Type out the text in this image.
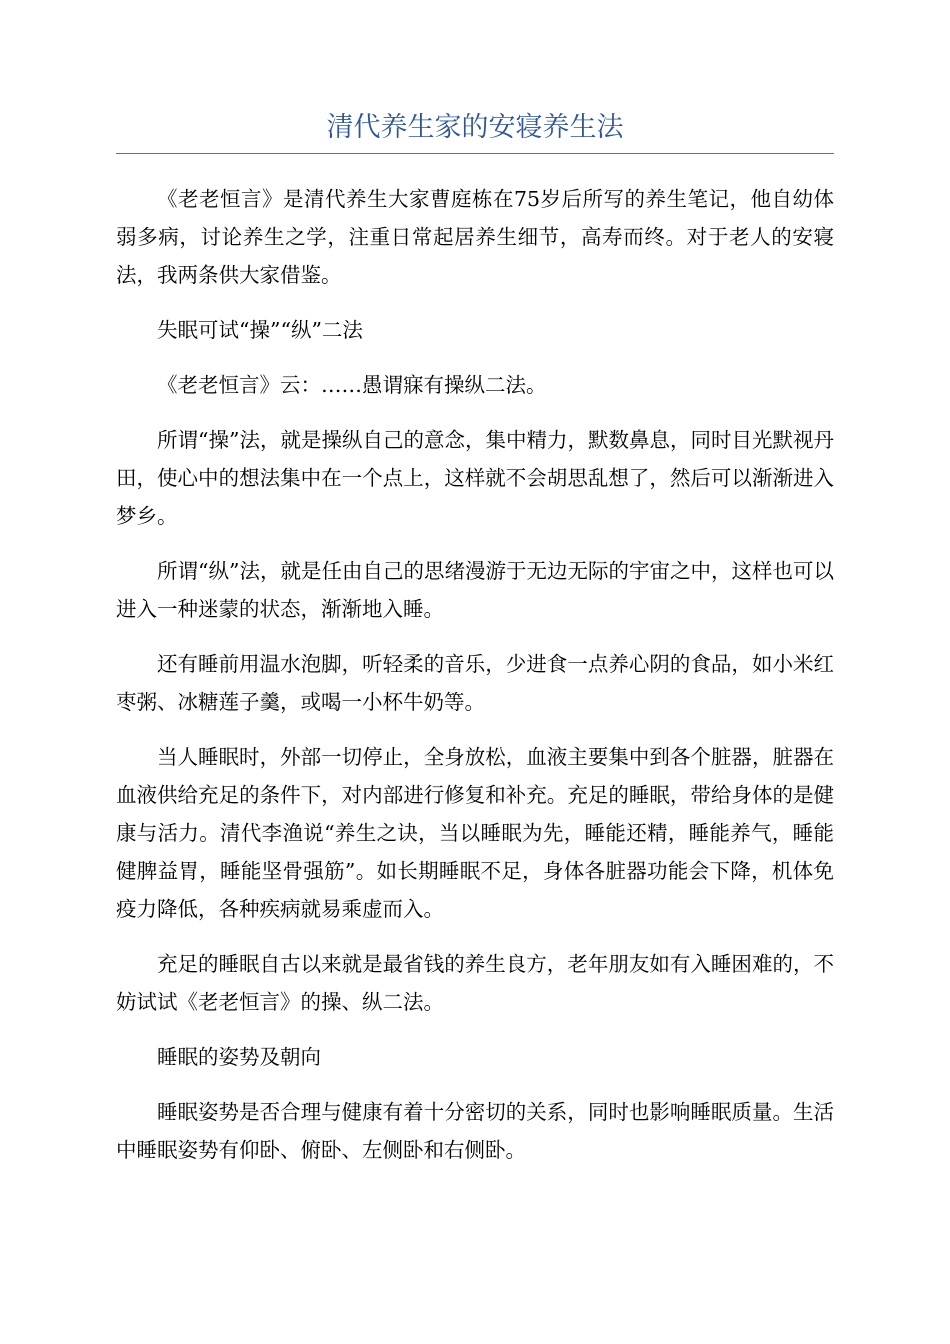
清代养生家的安寝养生法

《老老恒言》是清代养生大家曹庭栋在75岁后所写的养生笔记，他自幼体弱多病，讨论养生之学，注重日常起居养生细节，高寿而终。对于老人的安寝法，我两条供大家借鉴。

失眠可试“操”“纵”二法

《老老恒言》云：……愚谓寐有操纵二法。

所谓“操”法，就是操纵自己的意念，集中精力，默数鼻息，同时目光默视丹田，使心中的想法集中在一个点上，这样就不会胡思乱想了，然后可以渐渐进入梦乡。

所谓“纵”法，就是任由自己的思绪漫游于无边无际的宇宙之中，这样也可以进入一种迷蒙的状态，渐渐地入睡。

还有睡前用温水泡脚，听轻柔的音乐，少进食一点养心阴的食品，如小米红枣粥、冰糖莲子羹，或喝一小杯牛奶等。

当人睡眠时，外部一切停止，全身放松，血液主要集中到各个脏器，脏器在血液供给充足的条件下，对内部进行修复和补充。充足的睡眠，带给身体的是健康与活力。清代李渔说“养生之诀，当以睡眠为先，睡能还精，睡能养气，睡能健脾益胃，睡能坚骨强筋”。如长期睡眠不足，身体各脏器功能会下降，机体免疫力降低，各种疾病就易乘虚而入。

充足的睡眠自古以来就是最省钱的养生良方，老年朋友如有入睡困难的，不妨试试《老老恒言》的操、纵二法。

睡眠的姿势及朝向

睡眠姿势是否合理与健康有着十分密切的关系，同时也影响睡眠质量。生活中睡眠姿势有仰卧、俯卧、左侧卧和右侧卧。
